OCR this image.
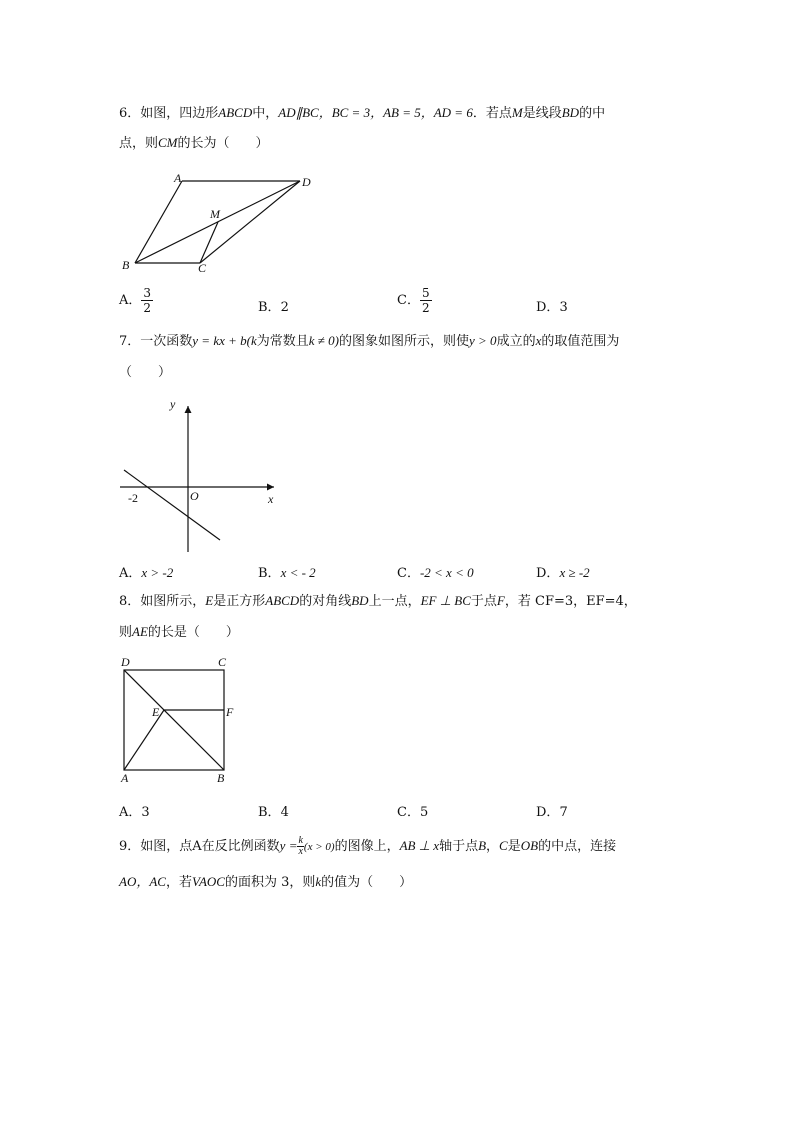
6．如图，四边形ABCD中，AD∥BC，BC = 3，AB = 5，AD = 6．若点M是线段BD的中
点，则CM的长为（　　）
A	D
M
B	C
A． $\frac{3}{2}$	B．2	C． $\frac{5}{2}$	D．3
7．一次函数y = kx + b(k为常数且k ≠ 0)的图象如图所示，则使y > 0成立的x的取值范围为
（　　）
y
x
O
-2
A．x > -2	B．x < - 2	C．-2 < x < 0	D．x ≥ -2
8．如图所示，E是正方形ABCD的对角线BD上一点，EF ⊥ BC于点F，若 CF=3，EF=4，
则AE的长是（　　）
D	C
E	F
A	B
A．3	B．4	C．5	D．7
9．如图，点A在反比例函数$y = \frac{k}{x} (x > 0)$的图像上，AB ⊥ x轴于点B，C是OB的中点，连接
AO，AC，若VAOC的面积为 3，则k的值为（　　）
